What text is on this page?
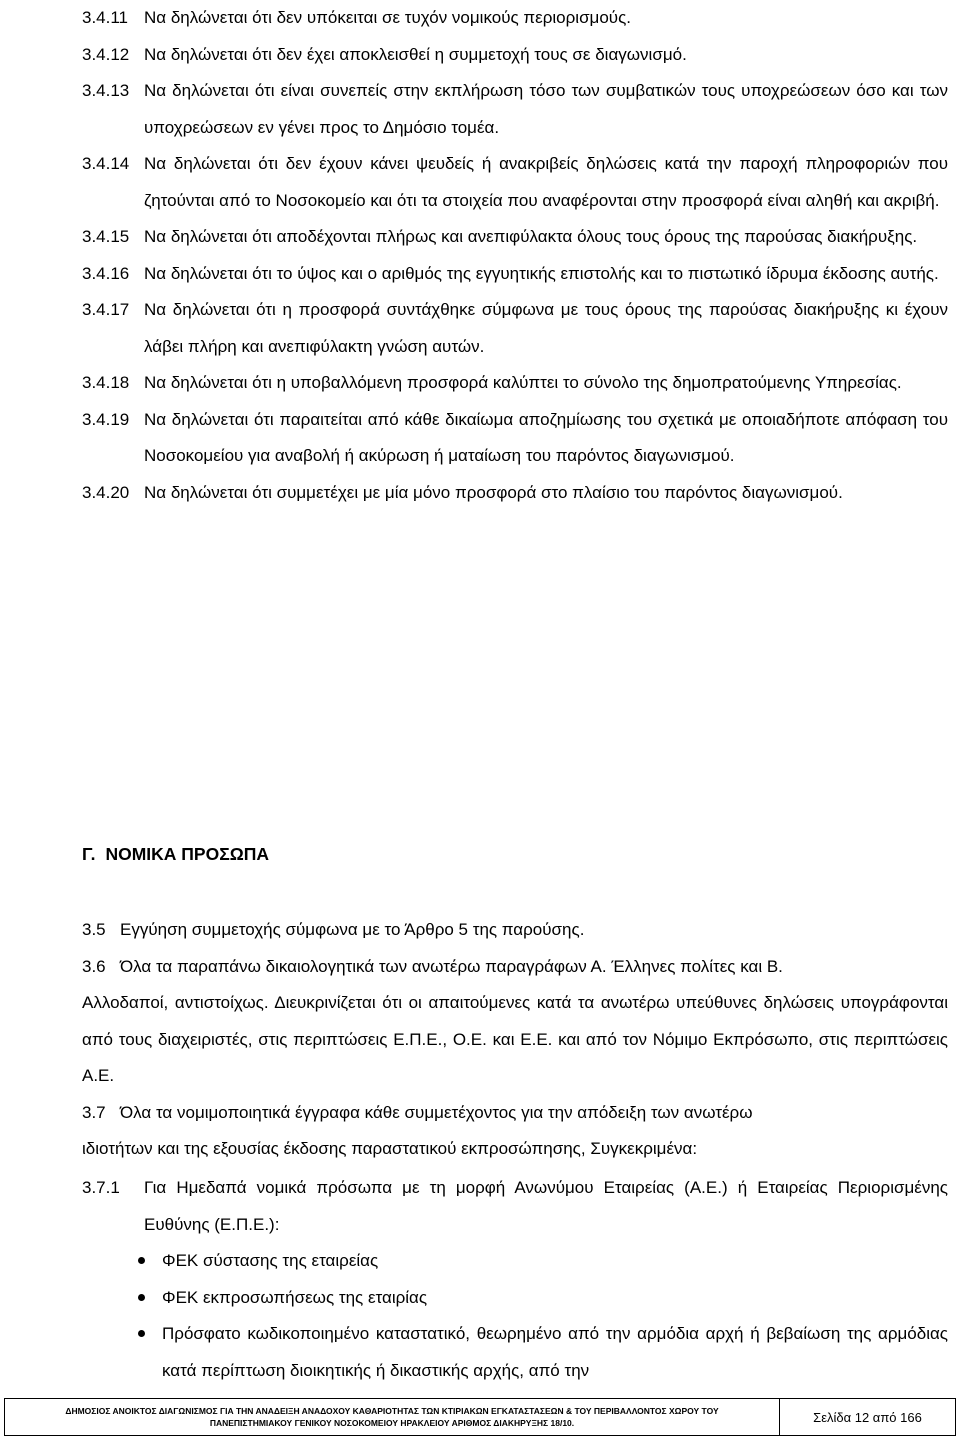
3.4.11 Να δηλώνεται ότι δεν υπόκειται σε τυχόν νομικούς περιορισμούς.
3.4.12 Να δηλώνεται ότι δεν έχει αποκλεισθεί η συμμετοχή τους σε διαγωνισμό.
3.4.13 Να δηλώνεται ότι είναι συνεπείς στην εκπλήρωση τόσο των συμβατικών τους υποχρεώσεων όσο και των υποχρεώσεων εν γένει προς το Δημόσιο τομέα.
3.4.14 Να δηλώνεται ότι δεν έχουν κάνει ψευδείς ή ανακριβείς δηλώσεις κατά την παροχή πληροφοριών που ζητούνται από το Νοσοκομείο και ότι τα στοιχεία που αναφέρονται στην προσφορά είναι αληθή και ακριβή.
3.4.15 Να δηλώνεται ότι αποδέχονται πλήρως και ανεπιφύλακτα όλους τους όρους της παρούσας διακήρυξης.
3.4.16 Να δηλώνεται ότι το ύψος και ο αριθμός της εγγυητικής επιστολής και το πιστωτικό ίδρυμα έκδοσης αυτής.
3.4.17 Να δηλώνεται ότι η προσφορά συντάχθηκε σύμφωνα με τους όρους της παρούσας διακήρυξης κι έχουν λάβει πλήρη και ανεπιφύλακτη γνώση αυτών.
3.4.18 Να δηλώνεται ότι η υποβαλλόμενη προσφορά καλύπτει το σύνολο της δημοπρατούμενης Υπηρεσίας.
3.4.19 Να δηλώνεται ότι παραιτείται από κάθε δικαίωμα αποζημίωσης του σχετικά με οποιαδήποτε απόφαση του Νοσοκομείου για αναβολή ή ακύρωση ή ματαίωση του παρόντος διαγωνισμού.
3.4.20 Να δηλώνεται ότι συμμετέχει με μία μόνο προσφορά στο πλαίσιο του παρόντος διαγωνισμού.
Γ. ΝΟΜΙΚΑ ΠΡΟΣΩΠΑ
3.5 Εγγύηση συμμετοχής σύμφωνα με το Άρθρο 5 της παρούσης.
3.6 Όλα τα παραπάνω δικαιολογητικά των ανωτέρω παραγράφων Α. Έλληνες πολίτες και Β.
Αλλοδαποί, αντιστοίχως. Διευκρινίζεται ότι οι απαιτούμενες κατά τα ανωτέρω υπεύθυνες δηλώσεις υπογράφονται από τους διαχειριστές, στις περιπτώσεις Ε.Π.Ε., Ο.Ε. και Ε.Ε. και από τον Νόμιμο Εκπρόσωπο, στις περιπτώσεις Α.Ε.
3.7 Όλα τα νομιμοποιητικά έγγραφα κάθε συμμετέχοντος για την απόδειξη των ανωτέρω
ιδιοτήτων και της εξουσίας έκδοσης παραστατικού εκπροσώπησης, Συγκεκριμένα:
3.7.1	Για Ημεδαπά νομικά πρόσωπα με τη μορφή Ανωνύμου Εταιρείας (Α.Ε.) ή Εταιρείας Περιορισμένης Ευθύνης (Ε.Π.Ε.):
ΦΕΚ σύστασης της εταιρείας
ΦΕΚ εκπροσωπήσεως της εταιρίας
Πρόσφατο κωδικοποιημένο καταστατικό, θεωρημένο από την αρμόδια αρχή ή βεβαίωση της αρμόδιας κατά περίπτωση διοικητικής ή δικαστικής αρχής, από την
ΔΗΜΟΣΙΟΣ ΑΝΟΙΚΤΟΣ ΔΙΑΓΩΝΙΣΜΟΣ ΓΙΑ ΤΗΝ ΑΝΑΔΕΙΞΗ ΑΝΑΔΟΧΟΥ ΚΑΘΑΡΙΟΤΗΤΑΣ ΤΩΝ ΚΤΙΡΙΑΚΩΝ ΕΓΚΑΤΑΣΤΑΣΕΩΝ & ΤΟΥ ΠΕΡΙΒΑΛΛΟΝΤΟΣ ΧΩΡΟΥ ΤΟΥ
ΠΑΝΕΠΙΣΤΗΜΙΑΚΟΥ ΓΕΝΙΚΟΥ ΝΟΣΟΚΟΜΕΙΟΥ ΗΡΑΚΛΕΙΟΥ ΑΡΙΘΜΟΣ ΔΙΑΚΗΡΥΞΗΣ 18/10.	Σελίδα 12 από 166
